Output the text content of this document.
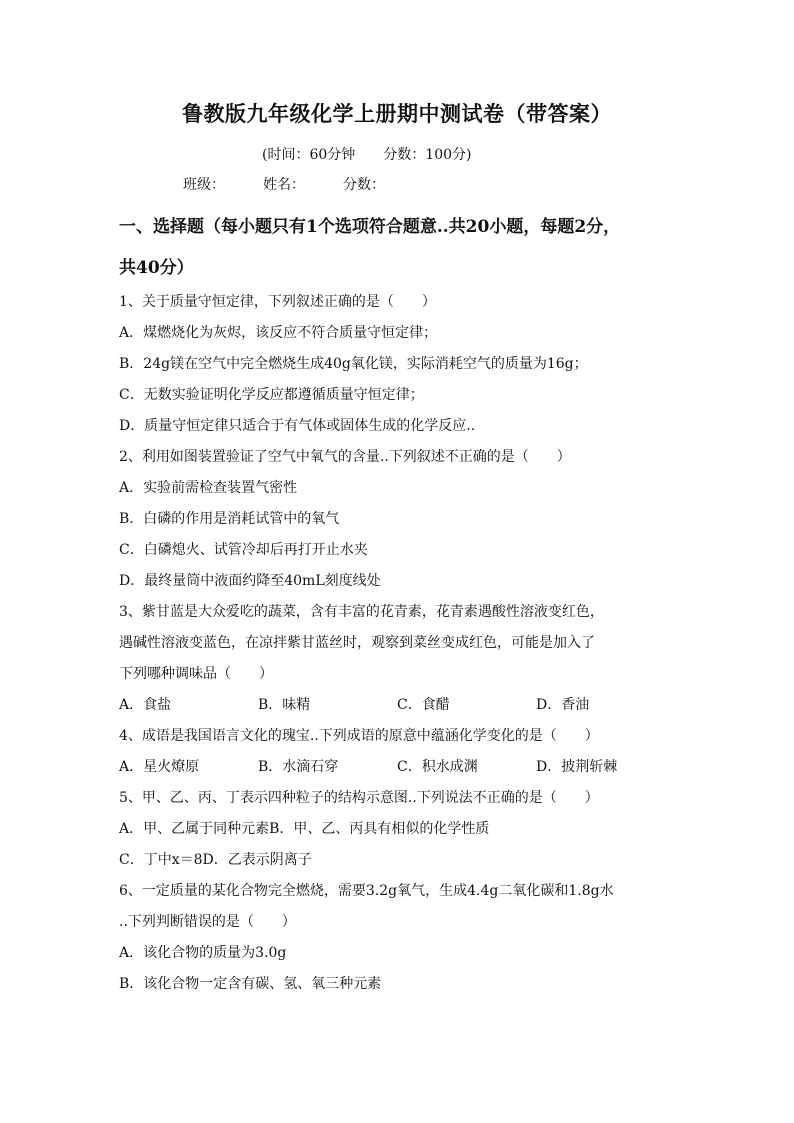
鲁教版九年级化学上册期中测试卷（带答案）
(时间：60分钟 分数：100分)
班级：	姓名：	分数：
一、选择题（每小题只有1个选项符合题意..共20小题，每题2分，
共40分）
1、关于质量守恒定律，下列叙述正确的是（　　）
A．煤燃烧化为灰烬，该反应不符合质量守恒定律；
B．24g镁在空气中完全燃烧生成40g氧化镁，实际消耗空气的质量为16g；
C．无数实验证明化学反应都遵循质量守恒定律；
D．质量守恒定律只适合于有气体或固体生成的化学反应..
2、利用如图装置验证了空气中氧气的含量..下列叙述不正确的是（　　）
A．实验前需检查装置气密性
B．白磷的作用是消耗试管中的氧气
C．白磷熄火、试管冷却后再打开止水夹
D．最终量筒中液面约降至40mL刻度线处
3、紫甘蓝是大众爱吃的蔬菜，含有丰富的花青素，花青素遇酸性溶液变红色，
遇碱性溶液变蓝色，在凉拌紫甘蓝丝时，观察到菜丝变成红色，可能是加入了
下列哪种调味品（　　）
A．食盐	B．味精	C．食醋	D．香油
4、成语是我国语言文化的瑰宝..下列成语的原意中蕴涵化学变化的是（　　）
A．星火燎原	B．水滴石穿	C．积水成渊	D．披荆斩棘
5、甲、乙、丙、丁表示四种粒子的结构示意图..下列说法不正确的是（　　）
A．甲、乙属于同种元素B．甲、乙、丙具有相似的化学性质
C．丁中x＝8D．乙表示阴离子
6、一定质量的某化合物完全燃烧，需要3.2g氧气，生成4.4g二氧化碳和1.8g水
..下列判断错误的是（　　）
A．该化合物的质量为3.0g
B．该化合物一定含有碳、氢、氧三种元素
